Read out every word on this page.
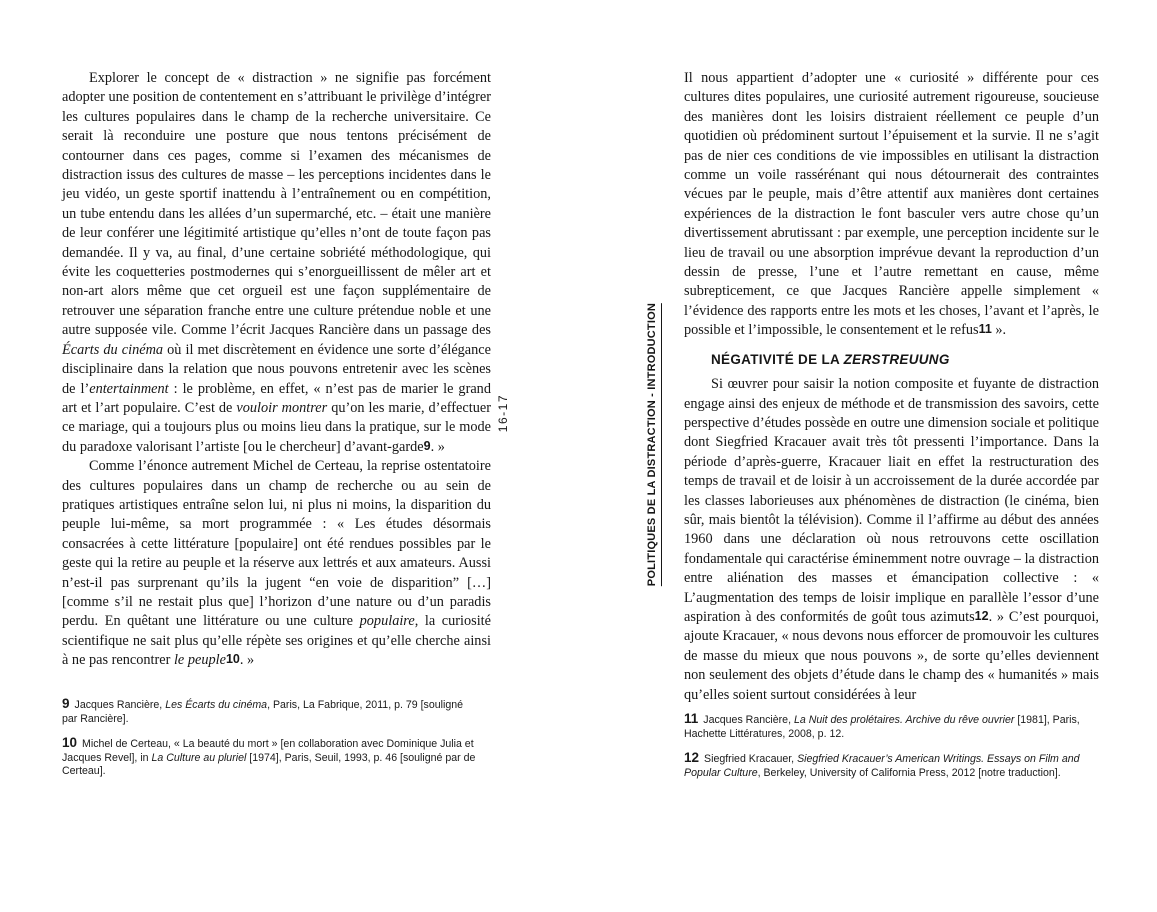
Explorer le concept de « distraction » ne signifie pas forcément adopter une position de contentement en s’attribuant le privilège d’intégrer les cultures populaires dans le champ de la recherche universitaire. Ce serait là reconduire une posture que nous tentons précisément de contourner dans ces pages, comme si l’examen des mécanismes de distraction issus des cultures de masse – les perceptions incidentes dans le jeu vidéo, un geste sportif inattendu à l’entraînement ou en compétition, un tube entendu dans les allées d’un supermarché, etc. – était une manière de leur conférer une légitimité artistique qu’elles n’ont de toute façon pas demandée. Il y va, au final, d’une certaine sobriété méthodologique, qui évite les coquetteries postmodernes qui s’enorgueillissent de mêler art et non-art alors même que cet orgueil est une façon supplémentaire de retrouver une séparation franche entre une culture prétendue noble et une autre supposée vile. Comme l’écrit Jacques Rancière dans un passage des Écarts du cinéma où il met discrètement en évidence une sorte d’élégance disciplinaire dans la relation que nous pouvons entretenir avec les scènes de l’entertainment : le problème, en effet, « n’est pas de marier le grand art et l’art populaire. C’est de vouloir montrer qu’on les marie, d’effectuer ce mariage, qui a toujours plus ou moins lieu dans la pratique, sur le mode du paradoxe valorisant l’artiste [ou le chercheur] d’avant-garde9. »

Comme l’énonce autrement Michel de Certeau, la reprise ostentatoire des cultures populaires dans un champ de recherche ou au sein de pratiques artistiques entraîne selon lui, ni plus ni moins, la disparition du peuple lui-même, sa mort programmée : « Les études désormais consacrées à cette littérature [populaire] ont été rendues possibles par le geste qui la retire au peuple et la réserve aux lettrés et aux amateurs. Aussi n’est-il pas surprenant qu’ils la jugent “en voie de disparition” […] [comme s’il ne restait plus que] l’horizon d’une nature ou d’un paradis perdu. En quêtant une littérature ou une culture populaire, la curiosité scientifique ne sait plus qu’elle répète ses origines et qu’elle cherche ainsi à ne pas rencontrer le peuple10. »

9 Jacques Rancière, Les Écarts du cinéma, Paris, La Fabrique, 2011, p. 79 [souligné par Rancière].

10 Michel de Certeau, « La beauté du mort » [en collaboration avec Dominique Julia et Jacques Revel], in La Culture au pluriel [1974], Paris, Seuil, 1993, p. 46 [souligné par de Certeau].

16-17	POLITIQUES DE LA DISTRACTION - INTRODUCTION

Il nous appartient d’adopter une « curiosité » différente pour ces cultures dites populaires, une curiosité autrement rigoureuse, soucieuse des manières dont les loisirs distraient réellement ce peuple d’un quotidien où prédominent surtout l’épuisement et la survie. Il ne s’agit pas de nier ces conditions de vie impossibles en utilisant la distraction comme un voile rassérénant qui nous détournerait des contraintes vécues par le peuple, mais d’être attentif aux manières dont certaines expériences de la distraction le font basculer vers autre chose qu’un divertissement abrutissant : par exemple, une perception incidente sur le lieu de travail ou une absorption imprévue devant la reproduction d’un dessin de presse, l’une et l’autre remettant en cause, même subrepticement, ce que Jacques Rancière appelle simplement « l’évidence des rapports entre les mots et les choses, l’avant et l’après, le possible et l’impossible, le consentement et le refus11 ».

NÉGATIVITÉ DE LA ZERSTREUUNG

Si œuvrer pour saisir la notion composite et fuyante de distraction engage ainsi des enjeux de méthode et de transmission des savoirs, cette perspective d’études possède en outre une dimension sociale et politique dont Siegfried Kracauer avait très tôt pressenti l’importance. Dans la période d’après-guerre, Kracauer liait en effet la restructuration des temps de travail et de loisir à un accroissement de la durée accordée par les classes laborieuses aux phénomènes de distraction (le cinéma, bien sûr, mais bientôt la télévision). Comme il l’affirme au début des années 1960 dans une déclaration où nous retrouvons cette oscillation fondamentale qui caractérise éminemment notre ouvrage – la distraction entre aliénation des masses et émancipation collective : « L’augmentation des temps de loisir implique en parallèle l’essor d’une aspiration à des conformités de goût tous azimuts12. » C’est pourquoi, ajoute Kracauer, « nous devons nous efforcer de promouvoir les cultures de masse du mieux que nous pouvons », de sorte qu’elles deviennent non seulement des objets d’étude dans le champ des « humanités » mais qu’elles soient surtout considérées à leur

11 Jacques Rancière, La Nuit des prolétaires. Archive du rêve ouvrier [1981], Paris, Hachette Littératures, 2008, p. 12.

12 Siegfried Kracauer, Siegfried Kracauer’s American Writings. Essays on Film and Popular Culture, Berkeley, University of California Press, 2012 [notre traduction].
